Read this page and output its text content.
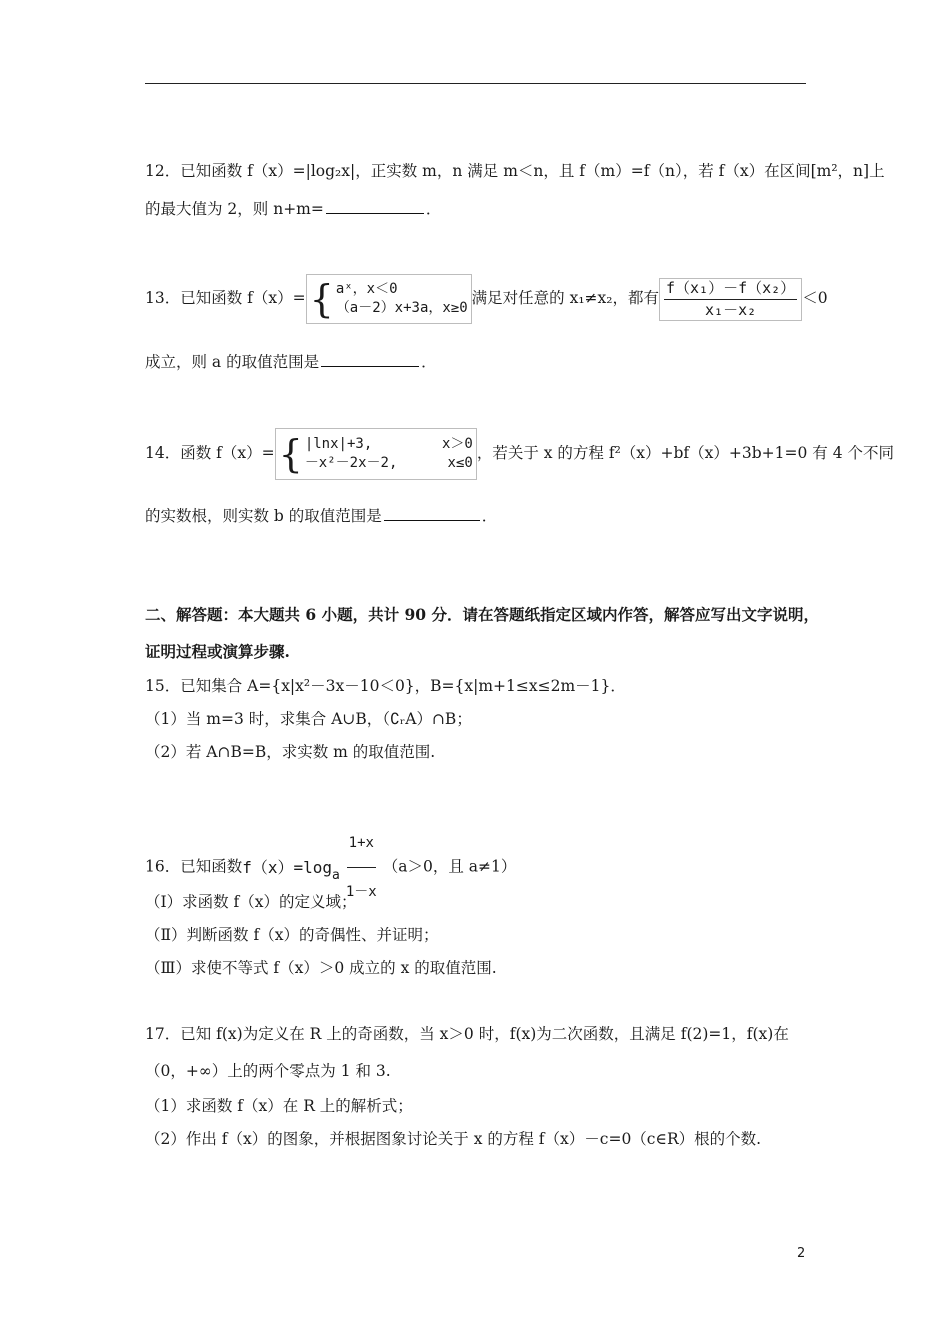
12．已知函数 f（x）=|log₂x|，正实数 m，n 满足 m＜n，且 f（m）=f（n），若 f（x）在区间[m²，n]上
的最大值为 2，则 n+m=	．
13．已知函数 f（x）= { aˣ，x＜0
（a－2）x+3a，x≥0
满足对任意的 x₁≠x₂，都有 $\frac{\text{f（x₁）－f（x₂）}}{\text{x₁－x₂}} <0$
成立，则 a 的取值范围是	．
14．函数 f（x）= { |lnx|+3,	x＞0
－x²－2x－2,	x≤0
，若关于 x 的方程 f²（x）+bf（x）+3b+1=0 有 4 个不同
的实数根，则实数 b 的取值范围是	．
二、解答题：本大题共 6 小题，共计 90 分．请在答题纸指定区域内作答，解答应写出文字说明，
证明过程或演算步骤.
15．已知集合 A={x|x²－3x－10＜0}，B={x|m+1≤x≤2m－1}．
（1）当 m=3 时，求集合 A∪B，（∁ᵣA）∩B；
（2）若 A∩B=B，求实数 m 的取值范围.
16．已知函数 f（x）=log a $\frac{1+x}{1-x} (a>0$，且 a≠1）
（Ⅰ）求函数 f（x）的定义域；
（Ⅱ）判断函数 f（x）的奇偶性、并证明；
（Ⅲ）求使不等式 f（x）＞0 成立的 x 的取值范围.
17．已知 f(x)为定义在 R 上的奇函数，当 x＞0 时，f(x)为二次函数，且满足 f(2)=1，f(x)在
（0，+∞）上的两个零点为 1 和 3.
（1）求函数 f（x）在 R 上的解析式；
（2）作出 f（x）的图象，并根据图象讨论关于 x 的方程 f（x）－c=0（c∈R）根的个数.
2
